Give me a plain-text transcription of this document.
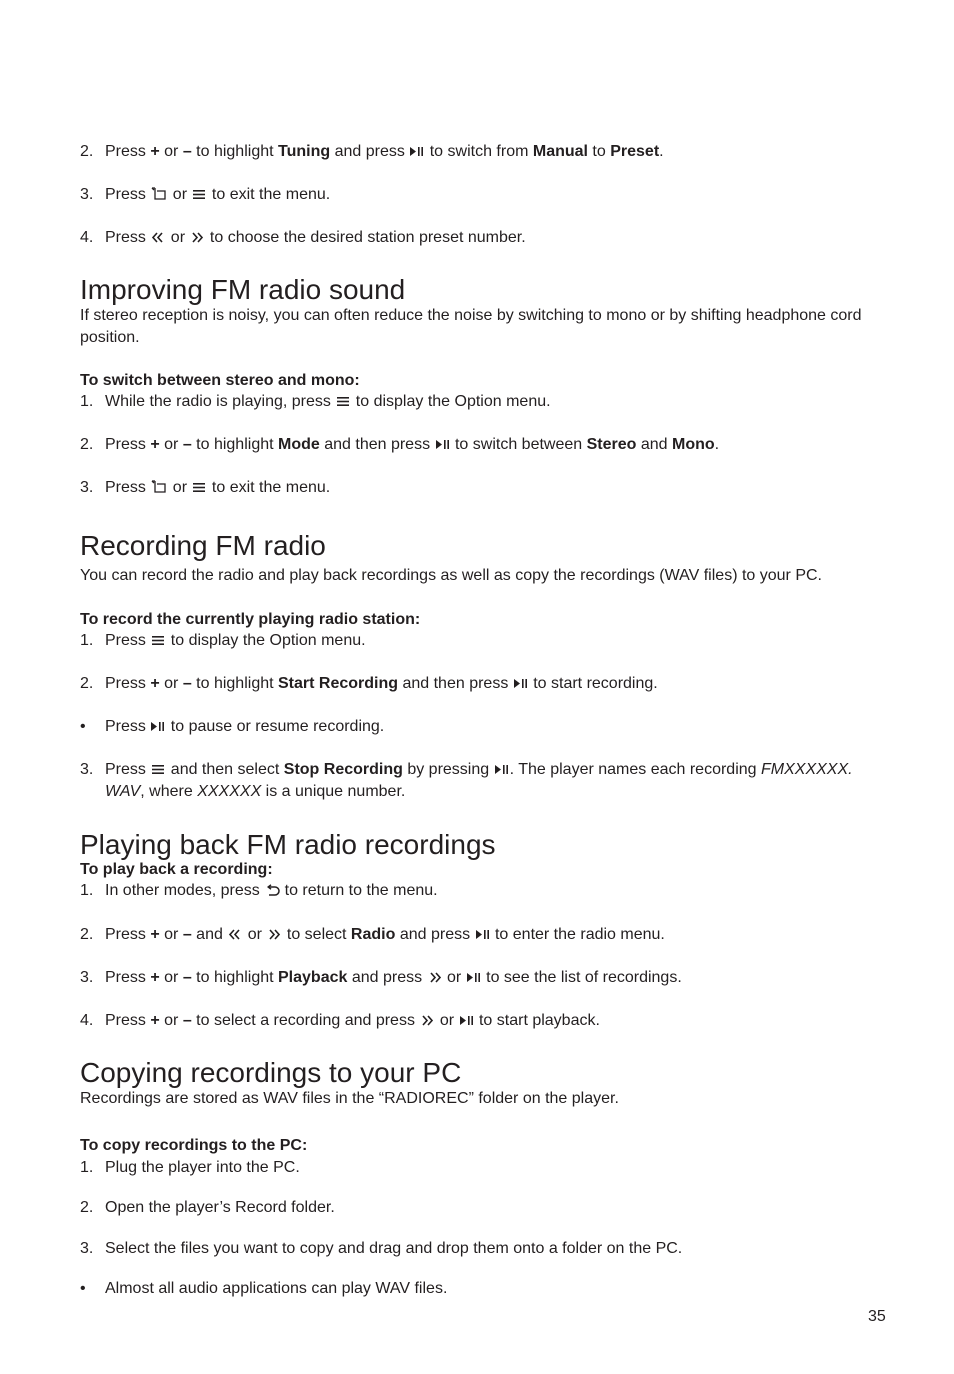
2. Press + or – to highlight Tuning and press
to switch from Manual to Preset.
3. Press
or
to exit the menu.
4. Press
or
to choose the desired station preset number.
Improving FM radio sound
If stereo reception is noisy, you can often reduce the noise by switching to mono or by shifting headphone cord position.
To switch between stereo and mono:
1. While the radio is playing, press
to display the Option menu.
2. Press + or – to highlight Mode and then press
to switch between Stereo and Mono.
3. Press
or
to exit the menu.
Recording FM radio
You can record the radio and play back recordings as well as copy the recordings (WAV files) to your PC.
To record the currently playing radio station:
1. Press
to display the Option menu.
2. Press + or – to highlight Start Recording and then press
to start recording.
• Press
to pause or resume recording.
3. Press
and then select Stop Recording by pressing
. The player names each recording FMXXXXXX.
WAV, where XXXXXX is a unique number.
Playing back FM radio recordings
To play back a recording:
1. In other modes, press
to return to the menu.
2. Press + or – and
or
to select Radio and press
to enter the radio menu.
3. Press + or – to highlight Playback and press
or
to see the list of recordings.
4. Press + or – to select a recording and press
or
to start playback.
Copying recordings to your PC
Recordings are stored as WAV files in the “RADIOREC” folder on the player.
To copy recordings to the PC:
1. Plug the player into the PC.
2. Open the player’s Record folder.
3. Select the files you want to copy and drag and drop them onto a folder on the PC.
• Almost all audio applications can play WAV files.
35
